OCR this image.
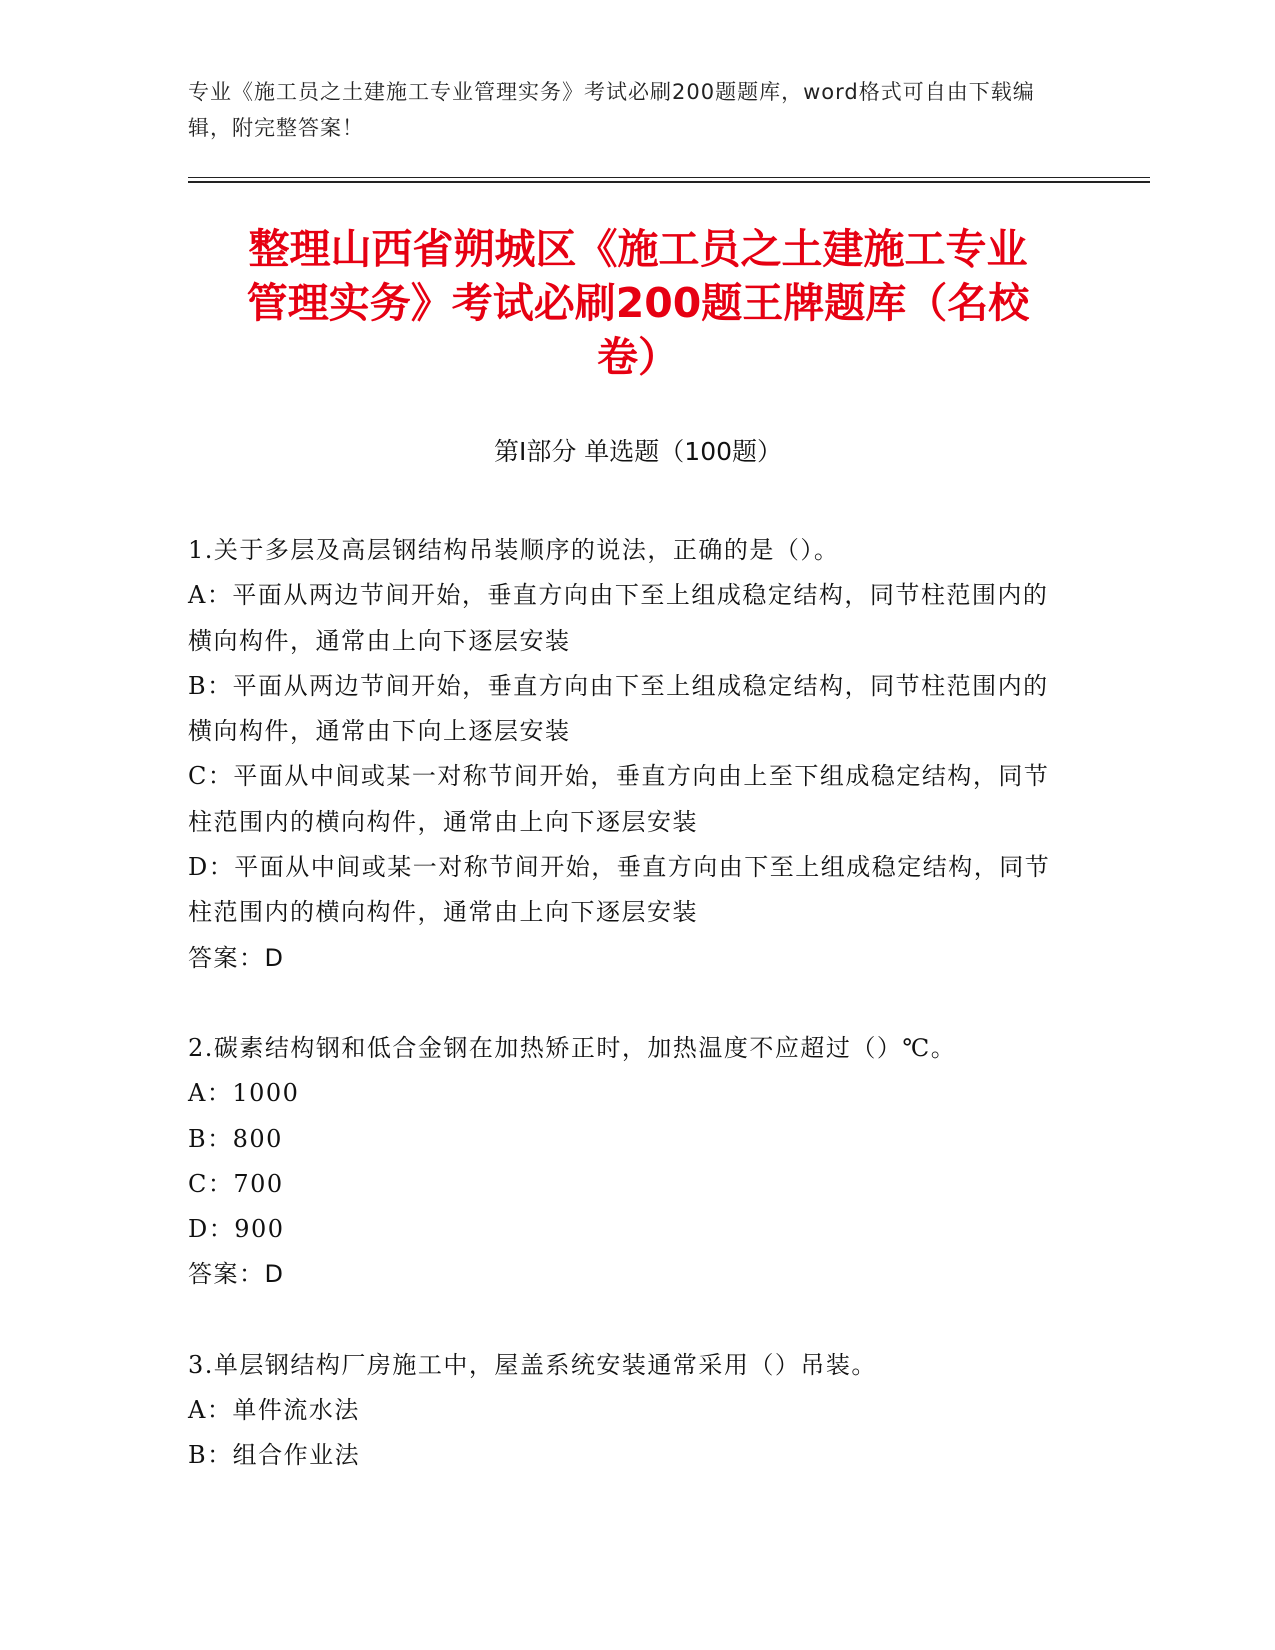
专业《施工员之土建施工专业管理实务》考试必刷200题题库，word格式可自由下载编辑，附完整答案！
整理山西省朔城区《施工员之土建施工专业
管理实务》考试必刷200题王牌题库（名校
卷）
第I部分 单选题（100题）

1.关于多层及高层钢结构吊装顺序的说法，正确的是（）。

A：平面从两边节间开始，垂直方向由下至上组成稳定结构，同节柱范围内的横向构件，通常由上向下逐层安装

B：平面从两边节间开始，垂直方向由下至上组成稳定结构，同节柱范围内的横向构件，通常由下向上逐层安装

C：平面从中间或某一对称节间开始，垂直方向由上至下组成稳定结构，同节柱范围内的横向构件，通常由上向下逐层安装

D：平面从中间或某一对称节间开始，垂直方向由下至上组成稳定结构，同节柱范围内的横向构件，通常由上向下逐层安装

答案：D

2.碳素结构钢和低合金钢在加热矫正时，加热温度不应超过（）℃。

A：1000

B：800

C：700

D：900

答案：D

3.单层钢结构厂房施工中，屋盖系统安装通常采用（）吊装。

A：单件流水法

B：组合作业法
